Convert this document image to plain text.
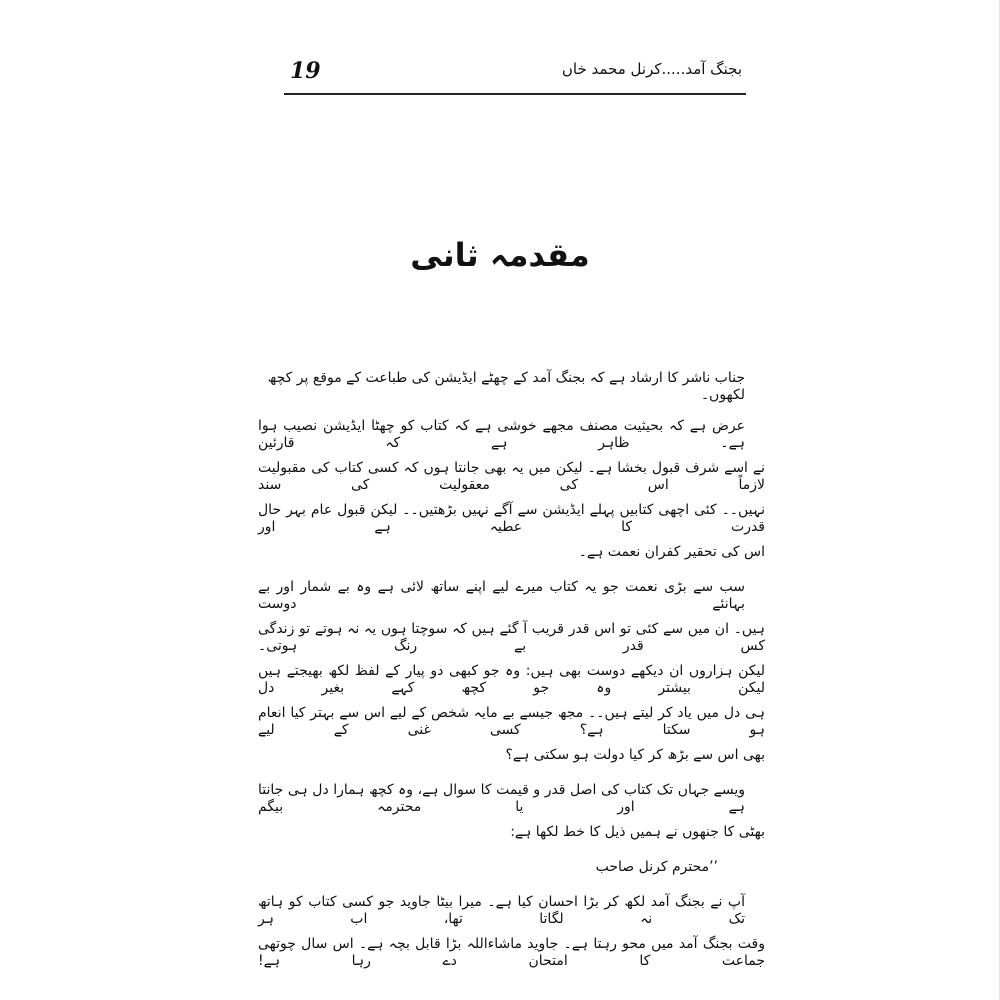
19	بجنگ آمد.....کرنل محمد خاں
مقدمہ ثانی
جناب ناشر کا ارشاد ہے کہ بجنگ آمد کے چھٹے ایڈیشن کی طباعت کے موقع پر کچھ لکھوں۔
عرض ہے کہ بحیثیت مصنف مجھے خوشی ہے کہ کتاب کو چھٹا ایڈیشن نصیب ہوا ہے۔ ظاہر ہے کہ قارئین
نے اسے شرف قبول بخشا ہے۔ لیکن میں یہ بھی جانتا ہوں کہ کسی کتاب کی مقبولیت لازماً اس کی معقولیت کی سند
نہیں۔۔ کئی اچھی کتابیں پہلے ایڈیشن سے آگے نہیں بڑھتیں۔۔ لیکن قبول عام بہر حال قدرت کا عطیہ ہے اور
اس کی تحقیر کفران نعمت ہے۔
سب سے بڑی نعمت جو یہ کتاب میرے لیے اپنے ساتھ لائی ہے وہ بے شمار اور بے بہانئے دوست
ہیں۔ ان میں سے کئی تو اس قدر قریب آ گئے ہیں کہ سوچتا ہوں یہ نہ ہوتے تو زندگی کس قدر بے رنگ ہوتی۔
لیکن ہزاروں ان دیکھے دوست بھی ہیں: وہ جو کبھی دو پیار کے لفظ لکھ بھیجتے ہیں لیکن بیشتر وہ جو کچھ کہے بغیر دل
ہی دل میں یاد کر لیتے ہیں۔۔ مجھ جیسے بے مایہ شخص کے لیے اس سے بہتر کیا انعام ہو سکتا ہے؟ کسی غنی کے لیے
بھی اس سے بڑھ کر کیا دولت ہو سکتی ہے؟
ویسے جہاں تک کتاب کی اصل قدر و قیمت کا سوال ہے، وہ کچھ ہمارا دل ہی جانتا ہے اور یا محترمہ بیگم
بھٹی کا جنھوں نے ہمیں ذیل کا خط لکھا ہے:
’’محترم کرنل صاحب
آپ نے بجنگ آمد لکھ کر بڑا احسان کیا ہے۔ میرا بیٹا جاوید جو کسی کتاب کو ہاتھ تک نہ لگاتا تھا، اب ہر
وقت بجنگ آمد میں محو رہتا ہے۔ جاوید ماشاءاللہ بڑا قابل بچہ ہے۔ اس سال چوتھی جماعت کا امتحان دے رہا ہے!
